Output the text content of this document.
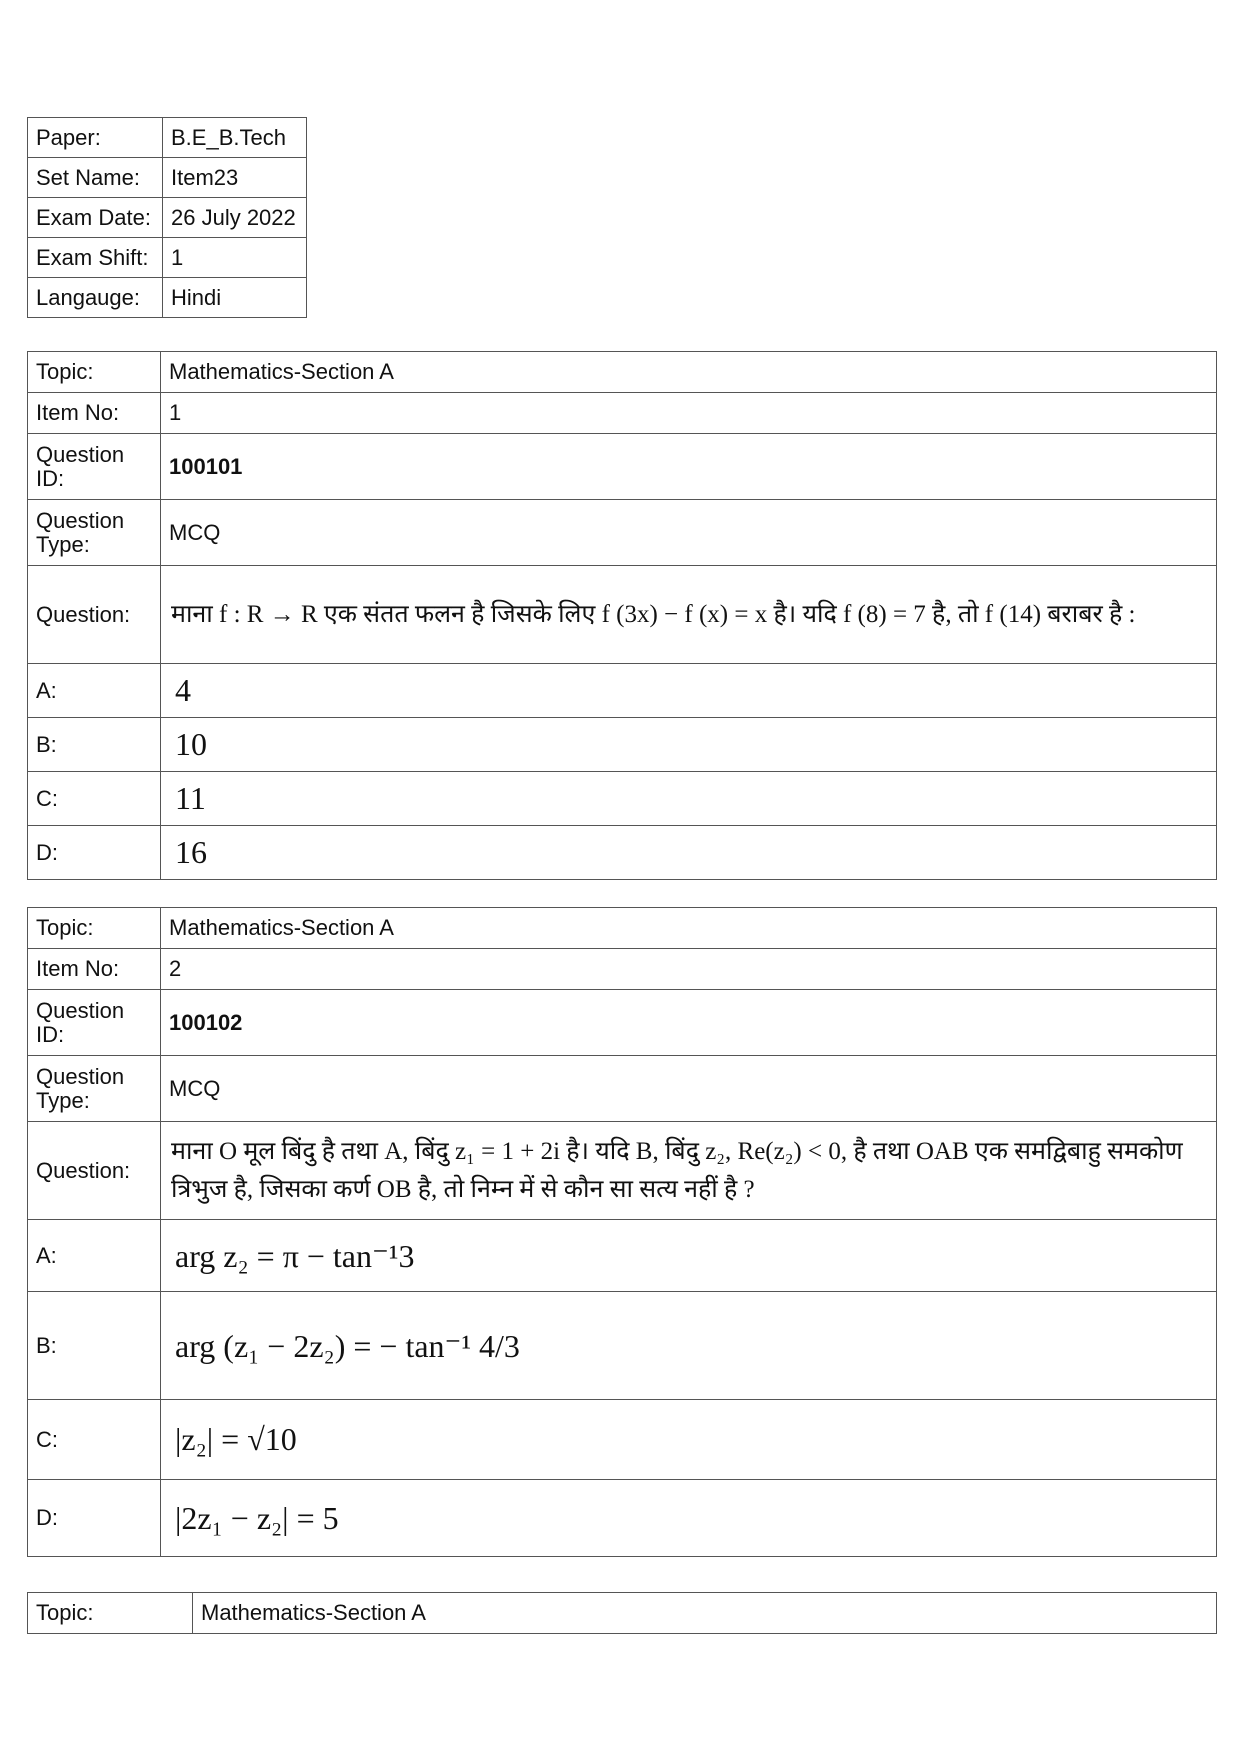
Paper:	B.E_B.Tech
Set Name:	Item23
Exam Date:	26 July 2022
Exam Shift:	1
Langauge:	Hindi
Topic:	Mathematics-Section A
Item No:	1
Question ID:	100101
Question Type:	MCQ
Question:	माना f : R → R एक संतत फलन है जिसके लिए f (3x) − f (x) = x है। यदि f (8) = 7 है, तो f (14) बराबर है :
A:	4
B:	10
C:	11
D:	16
Topic:	Mathematics-Section A
Item No:	2
Question ID:	100102
Question Type:	MCQ
Question:	माना O मूल बिंदु है तथा A, बिंदु z₁ = 1 + 2i है। यदि B, बिंदु z₂, Re(z₂) < 0, है तथा OAB एक समद्विबाहु समकोण त्रिभुज है, जिसका कर्ण OB है, तो निम्न में से कौन सा सत्य नहीं है ?
A:	arg z₂ = π − tan⁻¹3
B:	arg (z₁ − 2z₂) = − tan⁻¹ 4/3
C:	|z₂| = √10
D:	|2z₁ − z₂| = 5
Topic:	Mathematics-Section A
